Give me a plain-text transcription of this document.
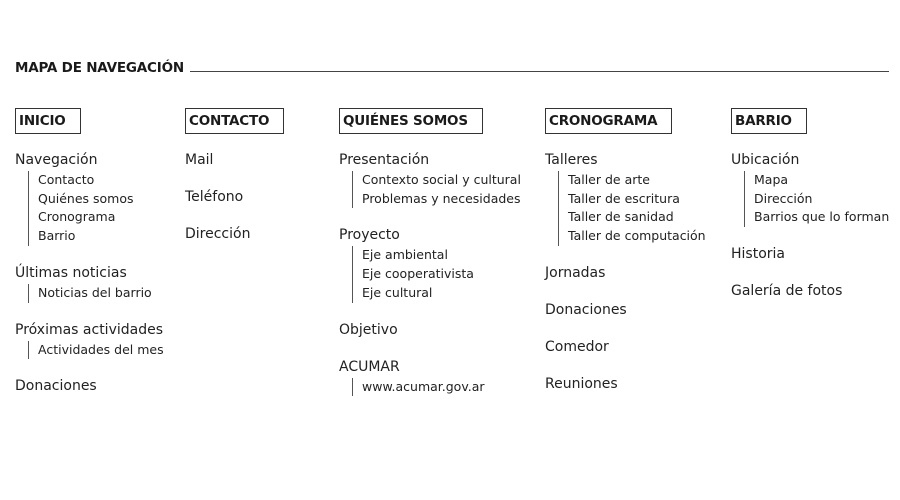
MAPA DE NAVEGACIÓN
INICIO
Navegación
Contacto
Quiénes somos
Cronograma
Barrio
Últimas noticias
Noticias del barrio
Próximas actividades
Actividades del mes
Donaciones
CONTACTO
Mail
Teléfono
Dirección
QUIÉNES SOMOS
Presentación
Contexto social y cultural
Problemas y necesidades
Proyecto
Eje ambiental
Eje cooperativista
Eje cultural
Objetivo
ACUMAR
www.acumar.gov.ar
CRONOGRAMA
Talleres
Taller de arte
Taller de escritura
Taller de sanidad
Taller de computación
Jornadas
Donaciones
Comedor
Reuniones
BARRIO
Ubicación
Mapa
Dirección
Barrios que lo forman
Historia
Galería de fotos
